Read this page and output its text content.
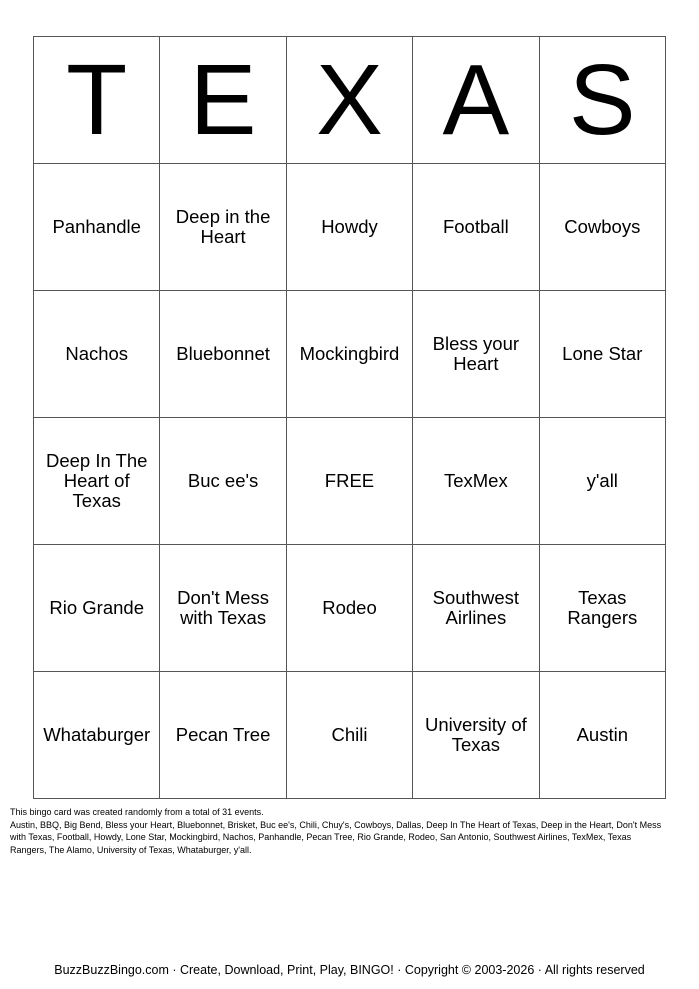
T	E	X	A	S
Panhandle	Deep in the Heart	Howdy	Football	Cowboys
Nachos	Bluebonnet	Mockingbird	Bless your Heart	Lone Star
Deep In The Heart of Texas	Buc ee's	FREE	TexMex	y'all
Rio Grande	Don't Mess with Texas	Rodeo	Southwest Airlines	Texas Rangers
Whataburger	Pecan Tree	Chili	University of Texas	Austin
This bingo card was created randomly from a total of 31 events.
Austin, BBQ, Big Bend, Bless your Heart, Bluebonnet, Brisket, Buc ee's, Chili, Chuy's, Cowboys, Dallas, Deep In The Heart of Texas, Deep in the Heart, Don't Mess with Texas, Football, Howdy, Lone Star, Mockingbird, Nachos, Panhandle, Pecan Tree, Rio Grande, Rodeo, San Antonio, Southwest Airlines, TexMex, Texas Rangers, The Alamo, University of Texas, Whataburger, y'all.
BuzzBuzzBingo.com · Create, Download, Print, Play, BINGO! · Copyright © 2003-2026 · All rights reserved
